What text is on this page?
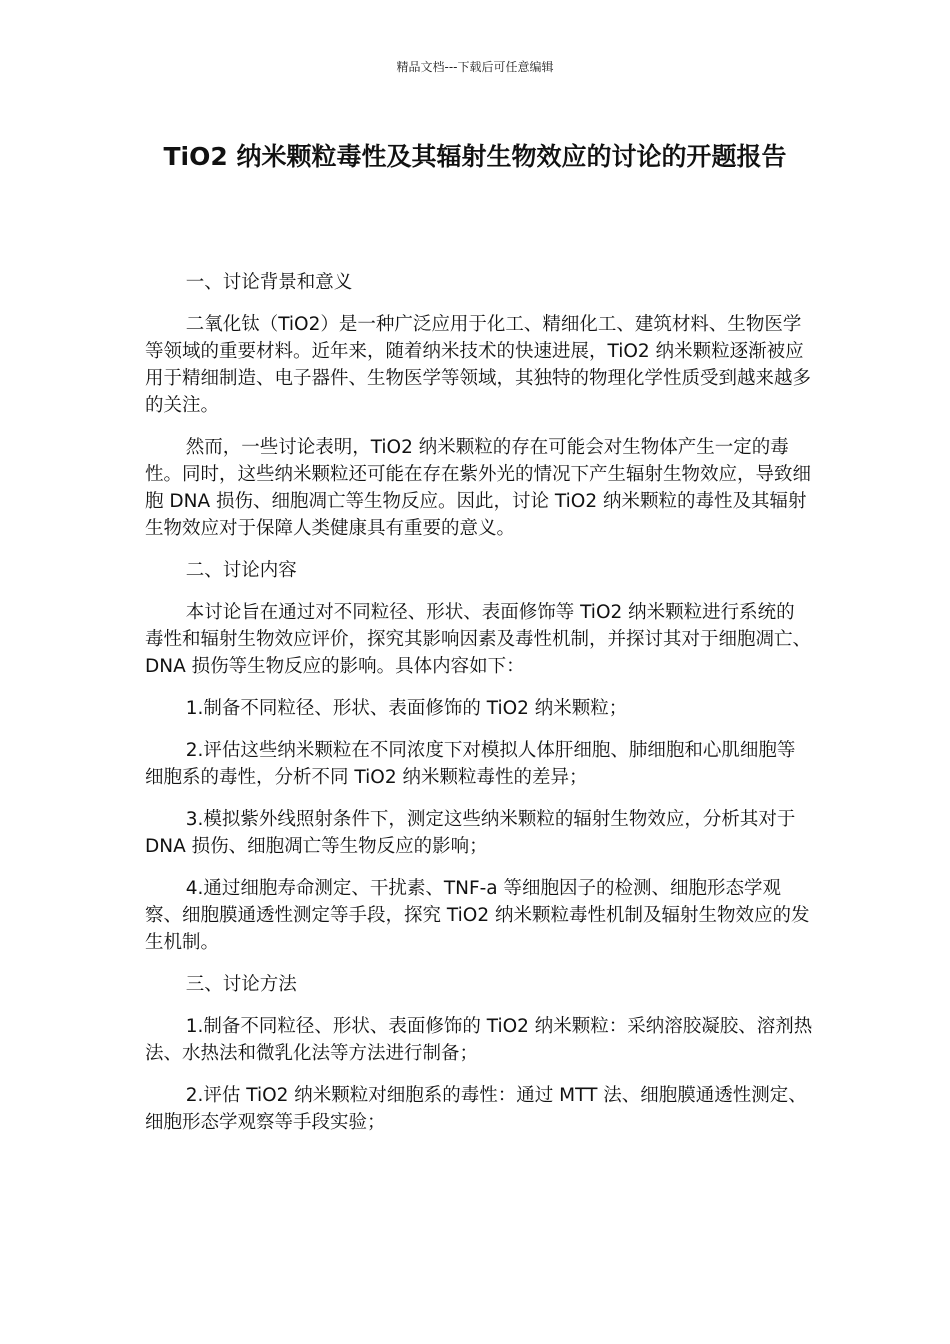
精品文档---下载后可任意编辑
TiO2 纳米颗粒毒性及其辐射生物效应的讨论的开题报告

一、讨论背景和意义

二氧化钛（TiO2）是一种广泛应用于化工、精细化工、建筑材料、生物医学等领域的重要材料。近年来，随着纳米技术的快速进展，TiO2 纳米颗粒逐渐被应用于精细制造、电子器件、生物医学等领域，其独特的物理化学性质受到越来越多的关注。

然而，一些讨论表明，TiO2 纳米颗粒的存在可能会对生物体产生一定的毒性。同时，这些纳米颗粒还可能在存在紫外光的情况下产生辐射生物效应，导致细胞 DNA 损伤、细胞凋亡等生物反应。因此，讨论 TiO2 纳米颗粒的毒性及其辐射生物效应对于保障人类健康具有重要的意义。

二、讨论内容

本讨论旨在通过对不同粒径、形状、表面修饰等 TiO2 纳米颗粒进行系统的毒性和辐射生物效应评价，探究其影响因素及毒性机制，并探讨其对于细胞凋亡、DNA 损伤等生物反应的影响。具体内容如下：

1.制备不同粒径、形状、表面修饰的 TiO2 纳米颗粒；

2.评估这些纳米颗粒在不同浓度下对模拟人体肝细胞、肺细胞和心肌细胞等细胞系的毒性，分析不同 TiO2 纳米颗粒毒性的差异；

3.模拟紫外线照射条件下，测定这些纳米颗粒的辐射生物效应，分析其对于 DNA 损伤、细胞凋亡等生物反应的影响；

4.通过细胞寿命测定、干扰素、TNF-a 等细胞因子的检测、细胞形态学观察、细胞膜通透性测定等手段，探究 TiO2 纳米颗粒毒性机制及辐射生物效应的发生机制。

三、讨论方法

1.制备不同粒径、形状、表面修饰的 TiO2 纳米颗粒：采纳溶胶凝胶、溶剂热法、水热法和微乳化法等方法进行制备；

2.评估 TiO2 纳米颗粒对细胞系的毒性：通过 MTT 法、细胞膜通透性测定、细胞形态学观察等手段实验；
